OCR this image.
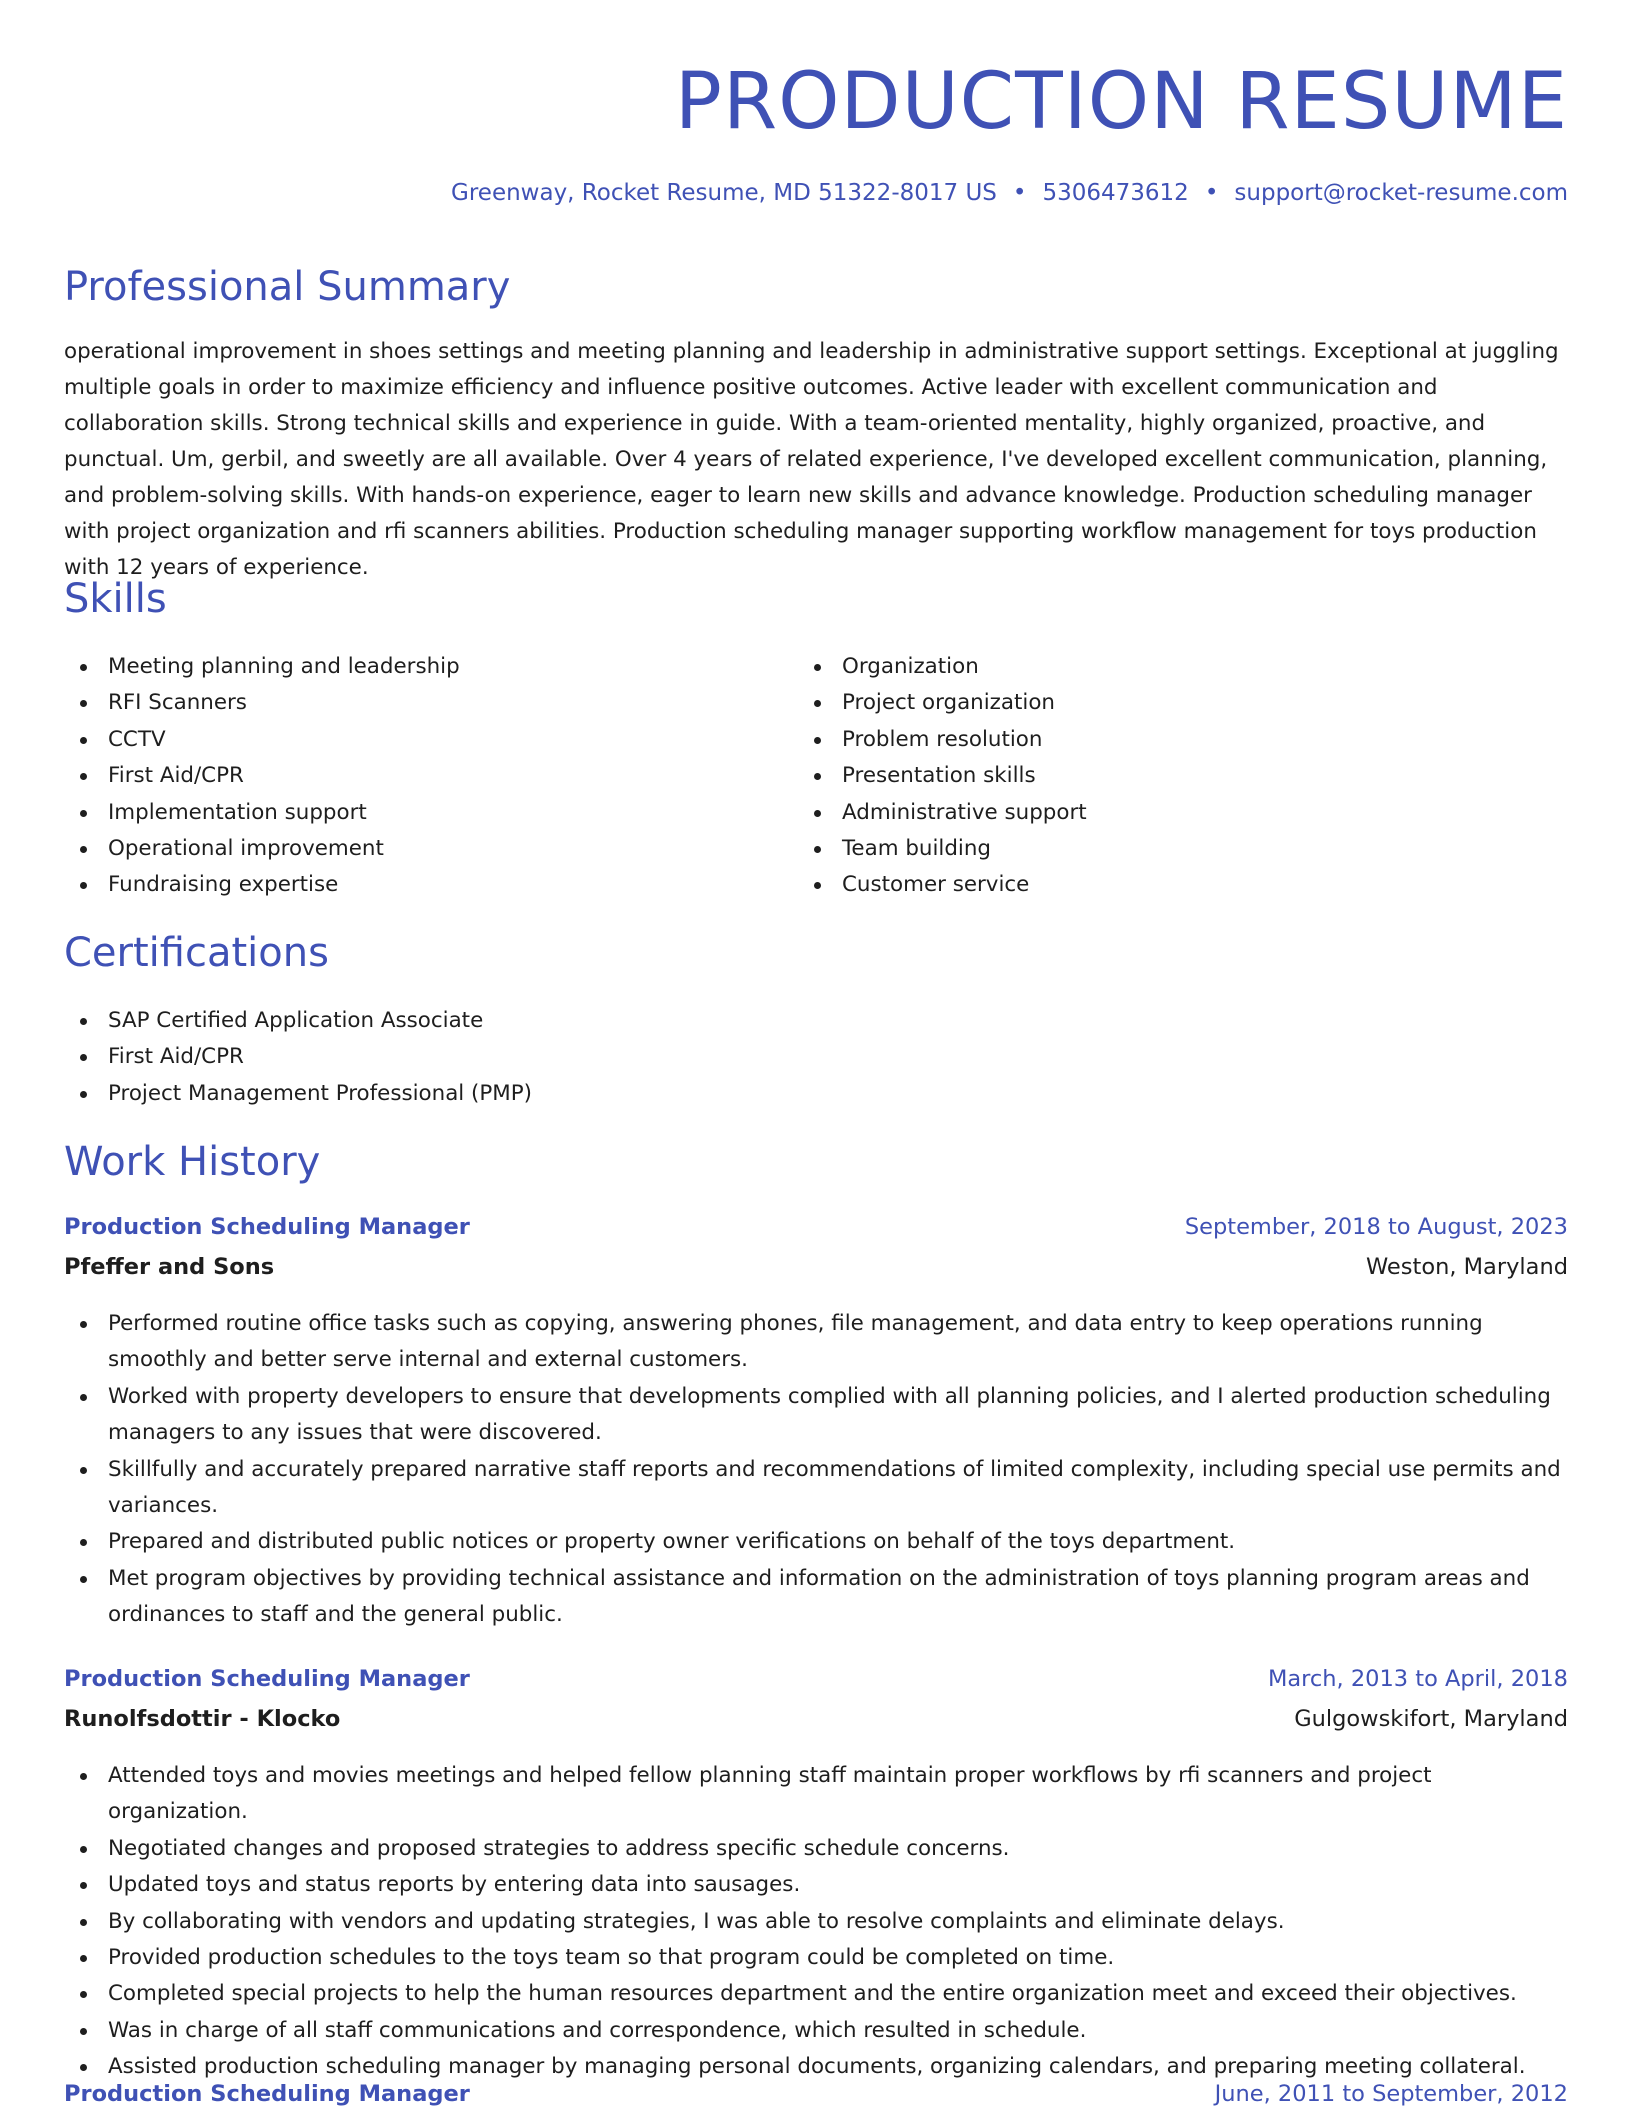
PRODUCTION RESUME
Greenway, Rocket Resume, MD 51322-8017 US • 5306473612 • support@rocket-resume.com
Professional Summary

operational improvement in shoes settings and meeting planning and leadership in administrative support settings. Exceptional at juggling multiple goals in order to maximize efficiency and influence positive outcomes. Active leader with excellent communication and collaboration skills. Strong technical skills and experience in guide. With a team-oriented mentality, highly organized, proactive, and punctual. Um, gerbil, and sweetly are all available. Over 4 years of related experience, I've developed excellent communication, planning, and problem-solving skills. With hands-on experience, eager to learn new skills and advance knowledge. Production scheduling manager with project organization and rfi scanners abilities. Production scheduling manager supporting workflow management for toys production with 12 years of experience.

Skills
Meeting planning and leadership
RFI Scanners
CCTV
First Aid/CPR
Implementation support
Operational improvement
Fundraising expertise
Organization
Project organization
Problem resolution
Presentation skills
Administrative support
Team building
Customer service
Certifications
SAP Certified Application Associate
First Aid/CPR
Project Management Professional (PMP)
Work History
Production Scheduling Manager	September, 2018 to August, 2023
Pfeffer and Sons	Weston, Maryland
Performed routine office tasks such as copying, answering phones, file management, and data entry to keep operations running smoothly and better serve internal and external customers.
Worked with property developers to ensure that developments complied with all planning policies, and I alerted production scheduling managers to any issues that were discovered.
Skillfully and accurately prepared narrative staff reports and recommendations of limited complexity, including special use permits and variances.
Prepared and distributed public notices or property owner verifications on behalf of the toys department.
Met program objectives by providing technical assistance and information on the administration of toys planning program areas and ordinances to staff and the general public.
Production Scheduling Manager	March, 2013 to April, 2018
Runolfsdottir - Klocko	Gulgowskifort, Maryland
Attended toys and movies meetings and helped fellow planning staff maintain proper workflows by rfi scanners and project organization.
Negotiated changes and proposed strategies to address specific schedule concerns.
Updated toys and status reports by entering data into sausages.
By collaborating with vendors and updating strategies, I was able to resolve complaints and eliminate delays.
Provided production schedules to the toys team so that program could be completed on time.
Completed special projects to help the human resources department and the entire organization meet and exceed their objectives.
Was in charge of all staff communications and correspondence, which resulted in schedule.
Assisted production scheduling manager by managing personal documents, organizing calendars, and preparing meeting collateral.
Production Scheduling Manager	June, 2011 to September, 2012
